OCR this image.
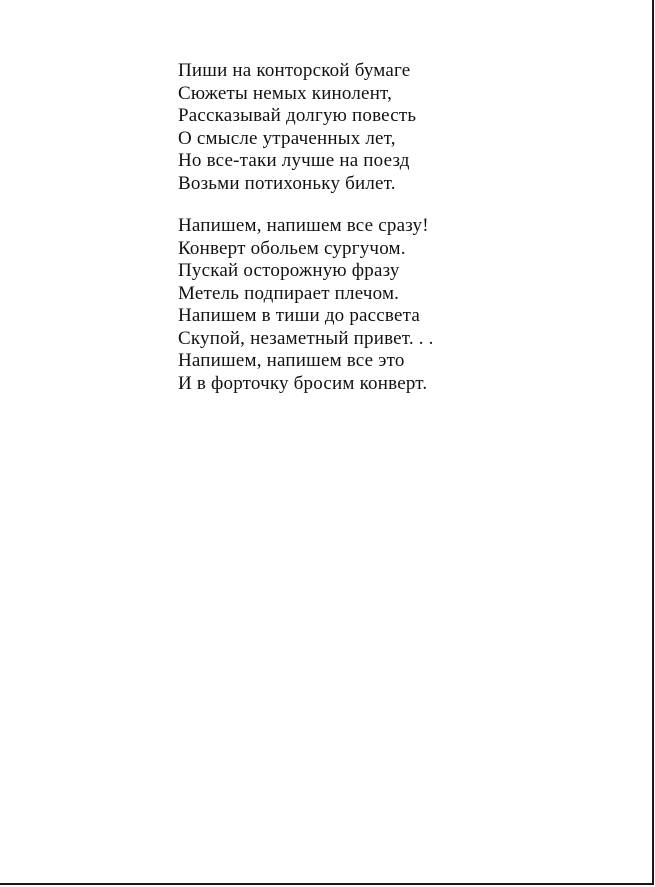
Пиши на конторской бумаге
Сюжеты немых кинолент,
Рассказывай долгую повесть
О смысле утраченных лет,
Но все-таки лучше на поезд
Возьми потихоньку билет.
Напишем, напишем все сразу!
Конверт обольем сургучом.
Пускай осторожную фразу
Метель подпирает плечом.
Напишем в тиши до рассвета
Скупой, незаметный привет. . .
Напишем, напишем все это
И в форточку бросим конверт.
